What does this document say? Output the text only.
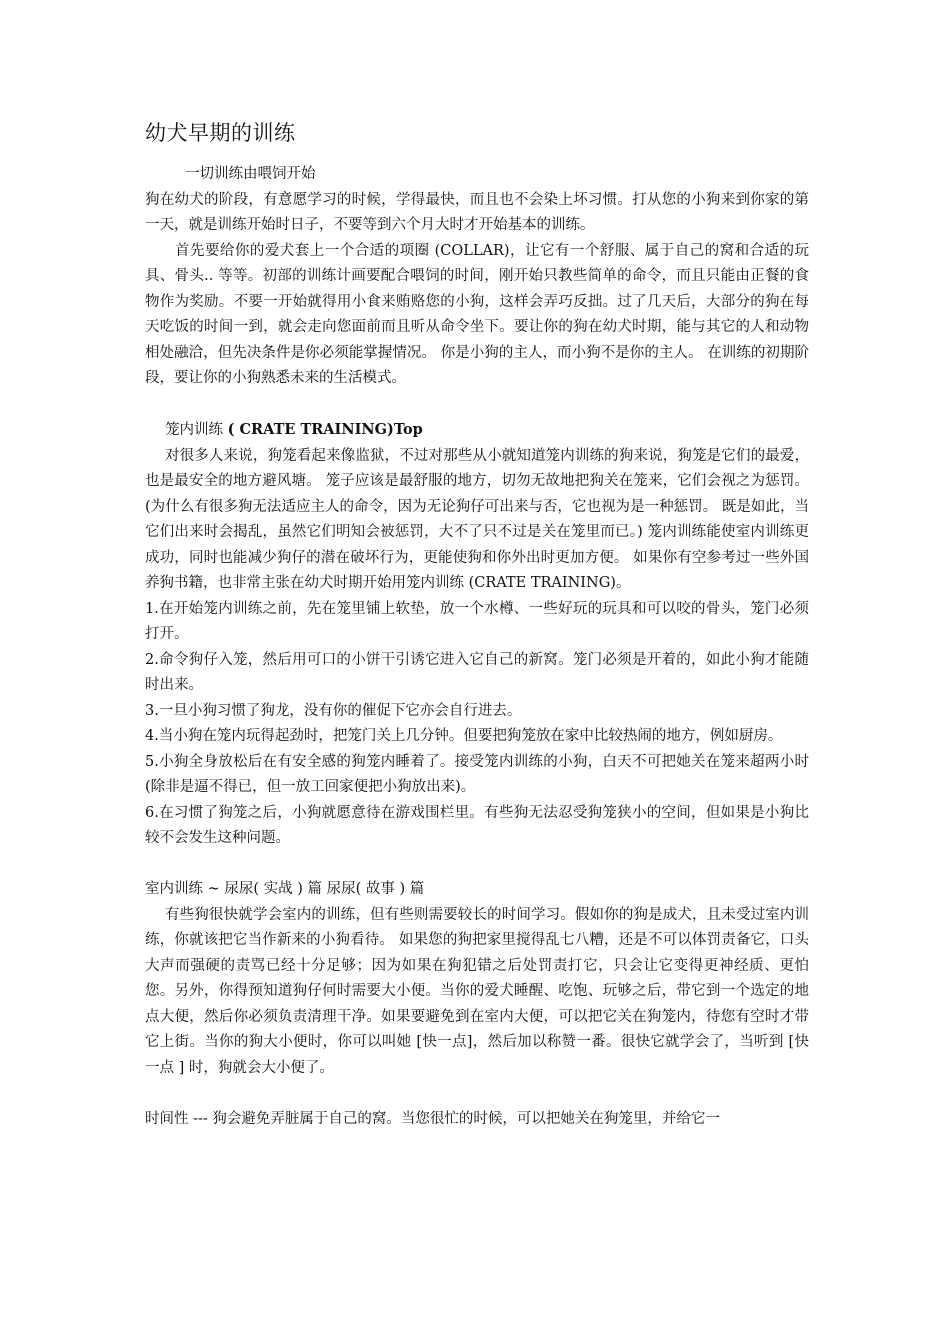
幼犬早期的训练

一切训练由喂饲开始

狗在幼犬的阶段，有意愿学习的时候，学得最快，而且也不会染上坏习惯。打从您的小狗来到你家的第一天，就是训练开始时日子，不要等到六个月大时才开始基本的训练。

首先要给你的爱犬套上一个合适的项圈 (COLLAR)，让它有一个舒服、属于自己的窝和合适的玩具、骨头.. 等等。初部的训练计画要配合喂饲的时间，刚开始只教些简单的命令，而且只能由正餐的食物作为奖励。不要一开始就得用小食来贿赂您的小狗，这样会弄巧反拙。过了几天后，大部分的狗在每天吃饭的时间一到，就会走向您面前而且听从命令坐下。要让你的狗在幼犬时期，能与其它的人和动物相处融洽，但先决条件是你必须能掌握情况。 你是小狗的主人，而小狗不是你的主人。 在训练的初期阶段，要让你的小狗熟悉未来的生活模式。

笼内训练 ( CRATE TRAINING)Top

对很多人来说，狗笼看起来像监狱，不过对那些从小就知道笼内训练的狗来说，狗笼是它们的最爱，也是最安全的地方避风塘。 笼子应该是最舒服的地方，切勿无故地把狗关在笼来，它们会视之为惩罚。 (为什么有很多狗无法适应主人的命令，因为无论狗仔可出来与否，它也视为是一种惩罚。 既是如此，当它们出来时会揭乱，虽然它们明知会被惩罚，大不了只不过是关在笼里而已。) 笼内训练能使室内训练更成功，同时也能减少狗仔的潜在破坏行为，更能使狗和你外出时更加方便。 如果你有空参考过一些外国养狗书籍，也非常主张在幼犬时期开始用笼内训练 (CRATE TRAINING)。

1.在开始笼内训练之前，先在笼里铺上软垫，放一个水樽、一些好玩的玩具和可以咬的骨头，笼门必须打开。

2.命令狗仔入笼，然后用可口的小饼干引诱它进入它自己的新窝。笼门必须是开着的，如此小狗才能随时出来。

3.一旦小狗习惯了狗龙，没有你的催促下它亦会自行进去。

4.当小狗在笼内玩得起劲时，把笼门关上几分钟。但要把狗笼放在家中比较热闹的地方，例如厨房。

5.小狗全身放松后在有安全感的狗笼内睡着了。接受笼内训练的小狗，白天不可把她关在笼来超两小时 (除非是逼不得已，但一放工回家便把小狗放出来)。

6.在习惯了狗笼之后，小狗就愿意待在游戏围栏里。有些狗无法忍受狗笼狭小的空间，但如果是小狗比较不会发生这种问题。

室内训练 ~ 尿尿( 实战 ) 篇 尿尿( 故事 ) 篇

有些狗很快就学会室内的训练，但有些则需要较长的时间学习。假如你的狗是成犬，且未受过室内训练，你就该把它当作新来的小狗看待。 如果您的狗把家里搅得乱七八糟，还是不可以体罚责备它，口头大声而强硬的责骂已经十分足够；因为如果在狗犯错之后处罚责打它，只会让它变得更神经质、更怕您。另外，你得预知道狗仔何时需要大小便。当你的爱犬睡醒、吃饱、玩够之后，带它到一个选定的地点大便，然后你必须负责清理干净。如果要避免到在室内大便，可以把它关在狗笼内，待您有空时才带它上街。当你的狗大小便时，你可以叫她 [快一点]，然后加以称赞一番。很快它就学会了，当听到 [快一点 ] 时，狗就会大小便了。

时间性 --- 狗会避免弄脏属于自己的窝。当您很忙的时候，可以把她关在狗笼里，并给它一
